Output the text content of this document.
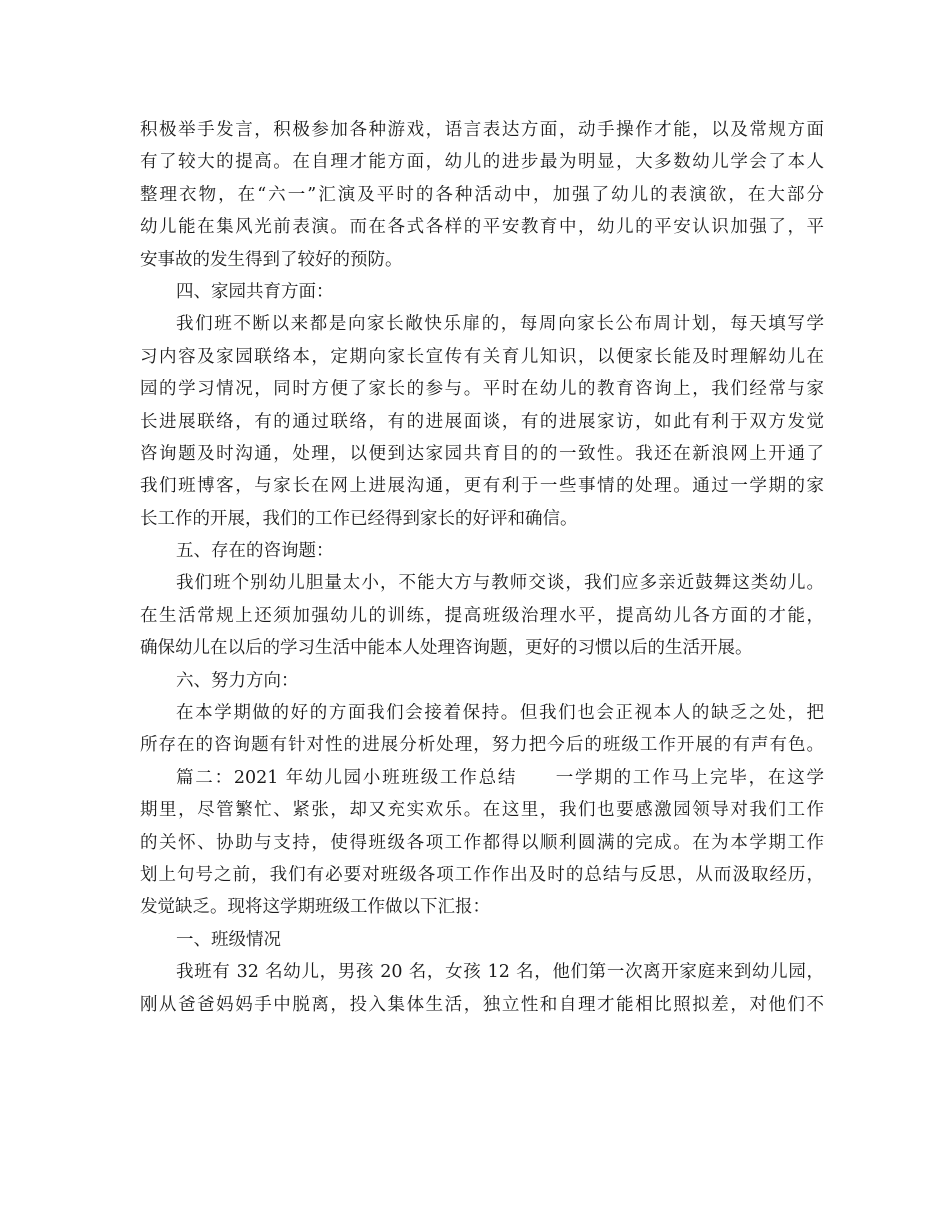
积极举手发言，积极参加各种游戏，语言表达方面，动手操作才能，以及常规方面
有了较大的提高。在自理才能方面，幼儿的进步最为明显，大多数幼儿学会了本人
整理衣物，在“六一”汇演及平时的各种活动中，加强了幼儿的表演欲，在大部分
幼儿能在集风光前表演。而在各式各样的平安教育中，幼儿的平安认识加强了，平
安事故的发生得到了较好的预防。
四、家园共育方面：
我们班不断以来都是向家长敞快乐扉的，每周向家长公布周计划，每天填写学
习内容及家园联络本，定期向家长宣传有关育儿知识，以便家长能及时理解幼儿在
园的学习情况，同时方便了家长的参与。平时在幼儿的教育咨询上，我们经常与家
长进展联络，有的通过联络，有的进展面谈，有的进展家访，如此有利于双方发觉
咨询题及时沟通，处理，以便到达家园共育目的的一致性。我还在新浪网上开通了
我们班博客，与家长在网上进展沟通，更有利于一些事情的处理。通过一学期的家
长工作的开展，我们的工作已经得到家长的好评和确信。
五、存在的咨询题：
我们班个别幼儿胆量太小，不能大方与教师交谈，我们应多亲近鼓舞这类幼儿。
在生活常规上还须加强幼儿的训练，提高班级治理水平，提高幼儿各方面的才能，
确保幼儿在以后的学习生活中能本人处理咨询题，更好的习惯以后的生活开展。
六、努力方向：
在本学期做的好的方面我们会接着保持。但我们也会正视本人的缺乏之处，把
所存在的咨询题有针对性的进展分析处理，努力把今后的班级工作开展的有声有色。
篇二：2021 年幼儿园小班班级工作总结　　一学期的工作马上完毕，在这学
期里，尽管繁忙、紧张，却又充实欢乐。在这里，我们也要感激园领导对我们工作
的关怀、协助与支持，使得班级各项工作都得以顺利圆满的完成。在为本学期工作
划上句号之前，我们有必要对班级各项工作作出及时的总结与反思，从而汲取经历，
发觉缺乏。现将这学期班级工作做以下汇报：
一、班级情况
我班有 32 名幼儿，男孩 20 名，女孩 12 名，他们第一次离开家庭来到幼儿园，
刚从爸爸妈妈手中脱离，投入集体生活，独立性和自理才能相比照拟差，对他们不
